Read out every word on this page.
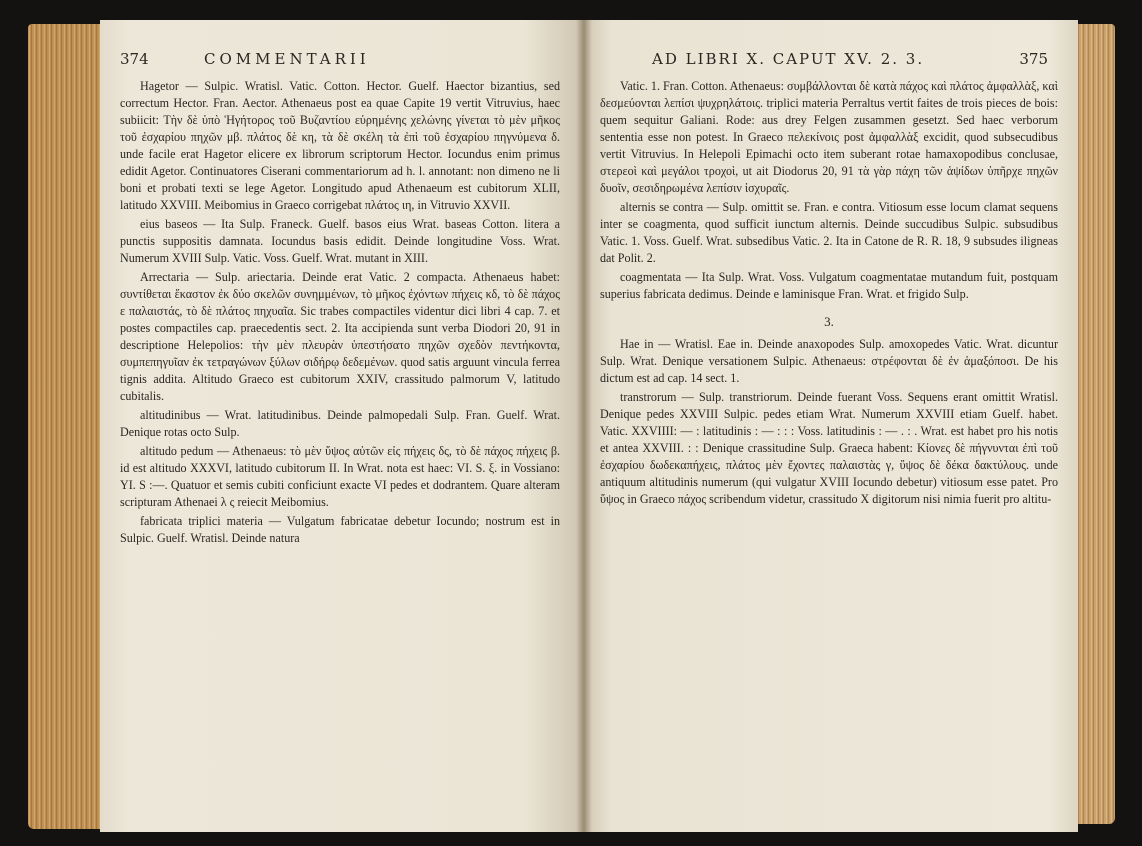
374	COMMENTARII	AD LIBRI X. CAPUT XV. 2. 3.	375

Hagetor — Sulpic. Wratisl. Vatic. Cotton. Hector. Guelf. Haector bizantius, sed correctum Hector. Fran. Aector. Athenaeus post ea quae Capite 19 vertit Vitruvius, haec subiicit: Τὴν δὲ ὑπὸ Ἡγήτορος τοῦ Βυζαντίου εὑρημένης χελώνης γίνεται τὸ μὲν μῆκος τοῦ ἐσχαρίου πηχῶν μβ. πλάτος δὲ κη, τὰ δὲ σκέλη τὰ ἐπὶ τοῦ ἐσχαρίου πηγνύμενα δ. unde facile erat Hagetor elicere ex librorum scriptorum Hector. Iocundus enim primus edidit Agetor. Continuatores Ciserani commentariorum ad h. l. annotant: non dimeno ne li boni et probati texti se lege Agetor. Longitudo apud Athenaeum est cubitorum XLII, latitudo XXVIII. Meibomius in Graeco corrigebat πλάτος ιη, in Vitruvio XXVII.

eius baseos — Ita Sulp. Franeck. Guelf. basos eius Wrat. baseas Cotton. litera a punctis suppositis damnata. Iocundus basis edidit. Deinde longitudine Voss. Wrat. Numerum XVIII Sulp. Vatic. Voss. Guelf. Wrat. mutant in XIII.

Arrectaria — Sulp. ariectaria. Deinde erat Vatic. 2 compacta. Athenaeus habet: συντίθεται ἕκαστον ἐκ δύο σκελῶν συνημμένων, τὸ μῆκος ἐχόντων πήχεις κδ, τὸ δὲ πάχος ε παλαιστάς, τὸ δὲ πλάτος πηχυαῖα. Sic trabes compactiles videntur dici libri 4 cap. 7. et postes compactiles cap. praecedentis sect. 2. Ita accipienda sunt verba Diodori 20, 91 in descriptione Helepolios: τὴν μὲν πλευρὰν ὑπεστήσατο πηχῶν σχεδὸν πεντήκοντα, συμπεπηγυῖαν ἐκ τετραγώνων ξύλων σιδήρῳ δεδεμένων. quod satis arguunt vincula ferrea tignis addita. Altitudo Graeco est cubitorum XXIV, crassitudo palmorum V, latitudo cubitalis.

altitudinibus — Wrat. latitudinibus. Deinde palmopedali Sulp. Fran. Guelf. Wrat. Denique rotas octo Sulp.

altitudo pedum — Athenaeus: τὸ μὲν ὕψος αὐτῶν εἰς πήχεις δς, τὸ δὲ πάχος πήχεις β. id est altitudo XXXVI, latitudo cubitorum II. In Wrat. nota est haec: VI. S. ξ. in Vossiano: YI. S :—. Quatuor et semis cubiti conficiunt exacte VI pedes et dodrantem. Quare alteram scripturam Athenaei λ ς reiecit Meibomius.

fabricata triplici materia — Vulgatum fabricatae debetur Iocundo; nostrum est in Sulpic. Guelf. Wratisl. Deinde natura

Vatic. 1. Fran. Cotton. Athenaeus: συμβάλλονται δὲ κατὰ πάχος καὶ πλάτος ἀμφαλλὰξ, καὶ δεσμεύονται λεπίσι ψυχρηλάτοις. triplici materia Perraltus vertit faites de trois pieces de bois: quem sequitur Galiani. Rode: aus drey Felgen zusammen gesetzt. Sed haec verborum sententia esse non potest. In Graeco πελεκίνοις post ἀμφαλλὰξ excidit, quod subsecudibus vertit Vitruvius. In Helepoli Epimachi octo item suberant rotae hamaxopodibus conclusae, στερεοὶ καὶ μεγάλοι τροχοὶ, ut ait Diodorus 20, 91 τὰ γὰρ πάχη τῶν ἁψίδων ὑπῆρχε πηχῶν δυοῖν, σεσιδηρωμένα λεπίσιν ἰσχυραῖς.

alternis se contra — Sulp. omittit se. Fran. e contra. Vitiosum esse locum clamat sequens inter se coagmenta, quod sufficit iunctum alternis. Deinde succudibus Sulpic. subsudibus Vatic. 1. Voss. Guelf. Wrat. subsedibus Vatic. 2. Ita in Catone de R. R. 18, 9 subsudes iligneas dat Polit. 2.

coagmentata — Ita Sulp. Wrat. Voss. Vulgatum coagmentatae mutandum fuit, postquam superius fabricata dedimus. Deinde e laminisque Fran. Wrat. et frigido Sulp.

3.

Hae in — Wratisl. Eae in. Deinde anaxopodes Sulp. amoxopedes Vatic. Wrat. dicuntur Sulp. Wrat. Denique versationem Sulpic. Athenaeus: στρέφονται δὲ ἐν ἁμαξόποσι. De his dictum est ad cap. 14 sect. 1.

transtrorum — Sulp. transtriorum. Deinde fuerant Voss. Sequens erant omittit Wratisl. Denique pedes XXVIII Sulpic. pedes etiam Wrat. Numerum XXVIII etiam Guelf. habet. Vatic. XXVIIII: — : latitudinis : — : : : Voss. latitudinis : — . : . Wrat. est habet pro his notis et antea XXVIII. : : Denique crassitudine Sulp. Graeca habent: Κίονες δὲ πήγνυνται ἐπὶ τοῦ ἐσχαρίου δωδεκαπήχεις, πλάτος μὲν ἔχοντες παλαιστὰς γ, ὕψος δὲ δέκα δακτύλους. unde antiquum altitudinis numerum (qui vulgatur XVIII Iocundo debetur) vitiosum esse patet. Pro ὕψος in Graeco πάχος scribendum videtur, crassitudo X digitorum nisi nimia fuerit pro altitu-
